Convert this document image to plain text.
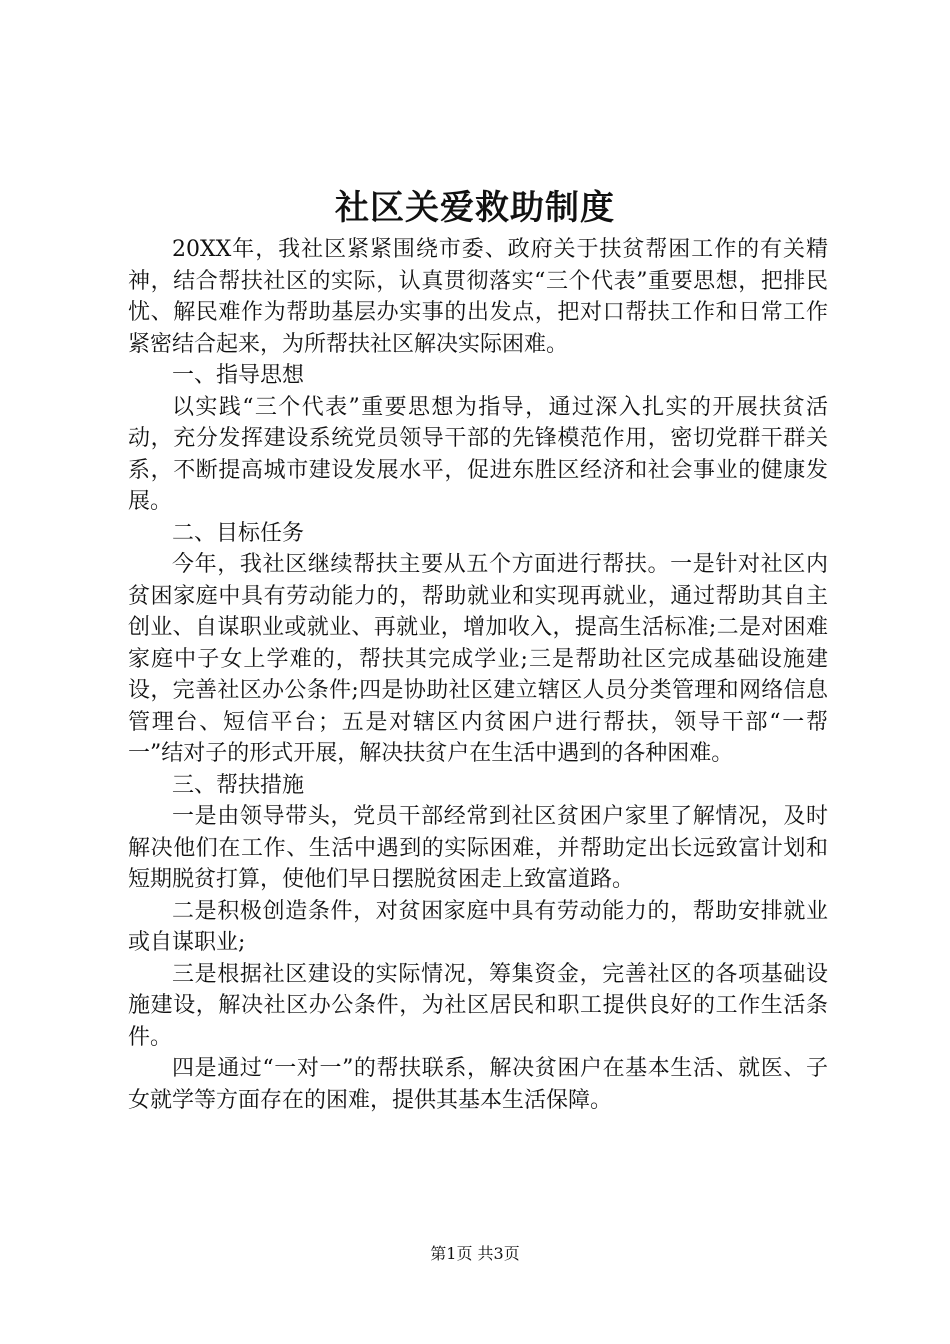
社区关爱救助制度

20XX年，我社区紧紧围绕市委、政府关于扶贫帮困工作的有关精神，结合帮扶社区的实际，认真贯彻落实“三个代表”重要思想，把排民忧、解民难作为帮助基层办实事的出发点，把对口帮扶工作和日常工作紧密结合起来，为所帮扶社区解决实际困难。

一、指导思想

以实践“三个代表”重要思想为指导，通过深入扎实的开展扶贫活动，充分发挥建设系统党员领导干部的先锋模范作用，密切党群干群关系，不断提高城市建设发展水平，促进东胜区经济和社会事业的健康发展。

二、目标任务

今年，我社区继续帮扶主要从五个方面进行帮扶。一是针对社区内贫困家庭中具有劳动能力的，帮助就业和实现再就业，通过帮助其自主创业、自谋职业或就业、再就业，增加收入，提高生活标准;二是对困难家庭中子女上学难的，帮扶其完成学业;三是帮助社区完成基础设施建设，完善社区办公条件;四是协助社区建立辖区人员分类管理和网络信息管理台、短信平台；五是对辖区内贫困户进行帮扶，领导干部“一帮一”结对子的形式开展，解决扶贫户在生活中遇到的各种困难。

三、帮扶措施

一是由领导带头，党员干部经常到社区贫困户家里了解情况，及时解决他们在工作、生活中遇到的实际困难，并帮助定出长远致富计划和短期脱贫打算，使他们早日摆脱贫困走上致富道路。

二是积极创造条件，对贫困家庭中具有劳动能力的，帮助安排就业或自谋职业;

三是根据社区建设的实际情况，筹集资金，完善社区的各项基础设施建设，解决社区办公条件，为社区居民和职工提供良好的工作生活条件。

四是通过“一对一”的帮扶联系，解决贫困户在基本生活、就医、子女就学等方面存在的困难，提供其基本生活保障。

第1页 共3页
